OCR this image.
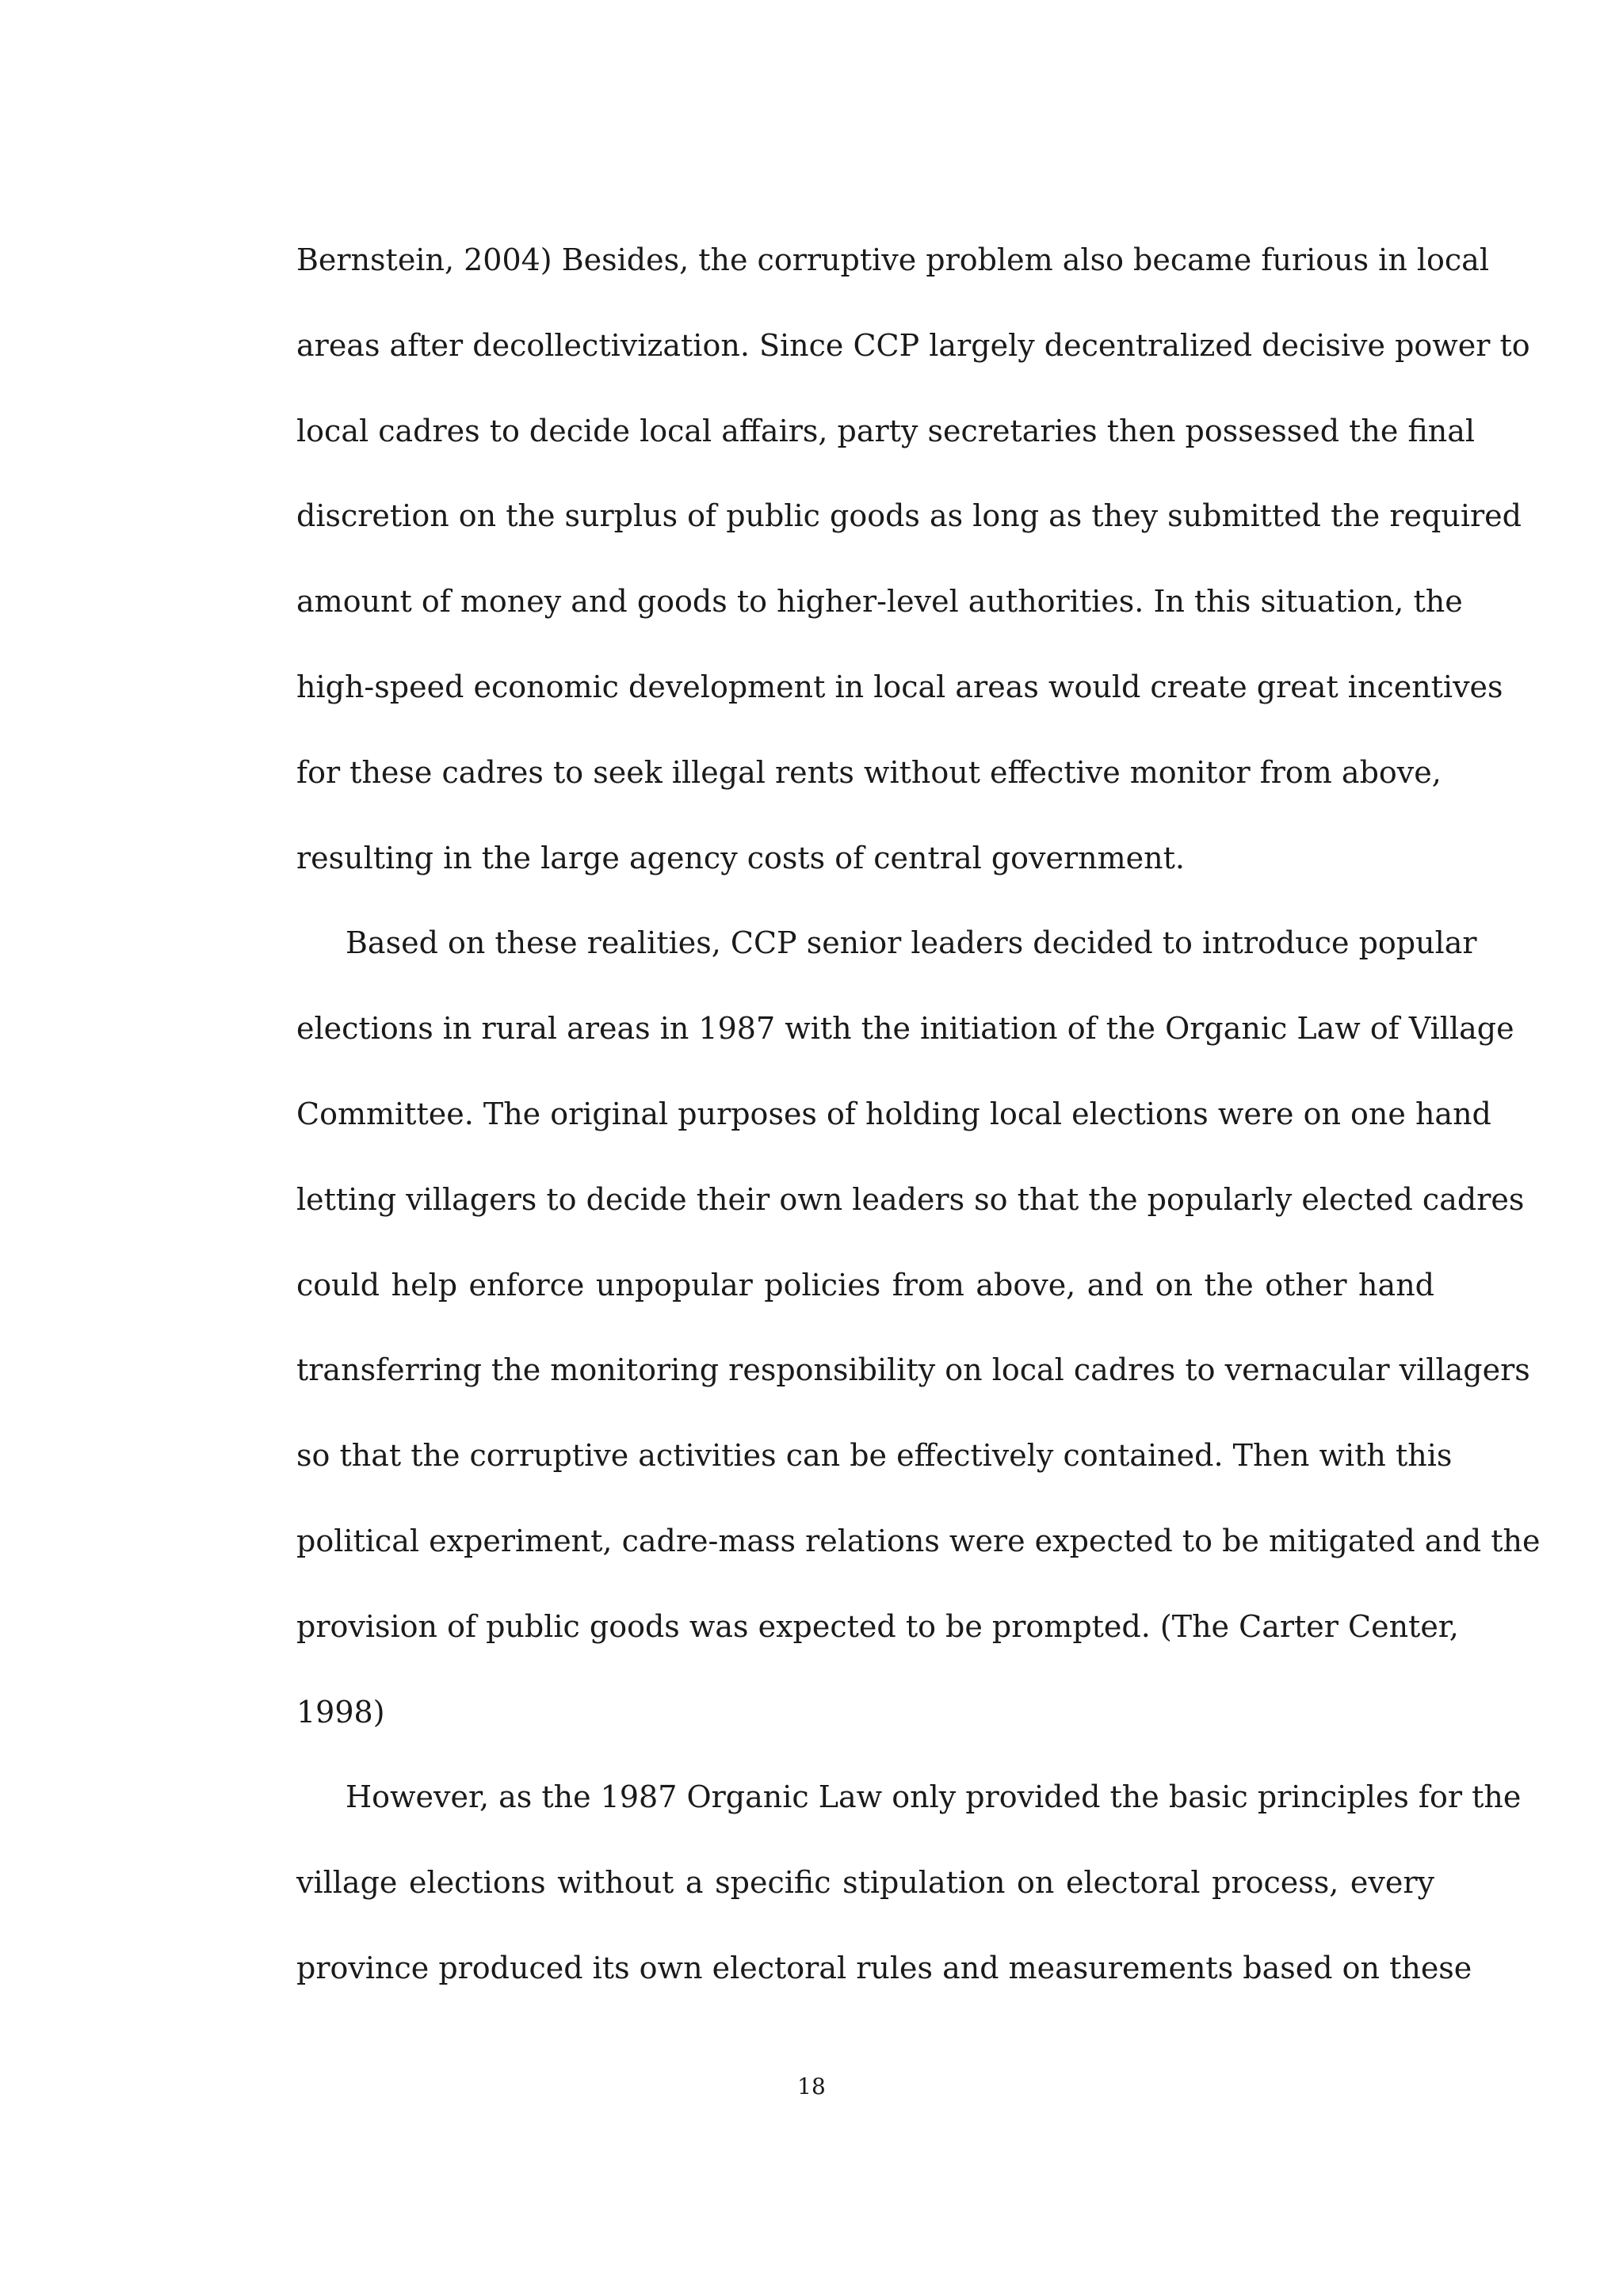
Bernstein, 2004) Besides, the corruptive problem also became furious in local
areas after decollectivization. Since CCP largely decentralized decisive power to
local cadres to decide local affairs, party secretaries then possessed the final
discretion on the surplus of public goods as long as they submitted the required
amount of money and goods to higher-level authorities. In this situation, the
high-speed economic development in local areas would create great incentives
for these cadres to seek illegal rents without effective monitor from above,
resulting in the large agency costs of central government.
Based on these realities, CCP senior leaders decided to introduce popular
elections in rural areas in 1987 with the initiation of the Organic Law of Village
Committee. The original purposes of holding local elections were on one hand
letting villagers to decide their own leaders so that the popularly elected cadres
could help enforce unpopular policies from above, and on the other hand
transferring the monitoring responsibility on local cadres to vernacular villagers
so that the corruptive activities can be effectively contained. Then with this
political experiment, cadre-mass relations were expected to be mitigated and the
provision of public goods was expected to be prompted. (The Carter Center,
1998)
However, as the 1987 Organic Law only provided the basic principles for the
village elections without a specific stipulation on electoral process, every
province produced its own electoral rules and measurements based on these
18
